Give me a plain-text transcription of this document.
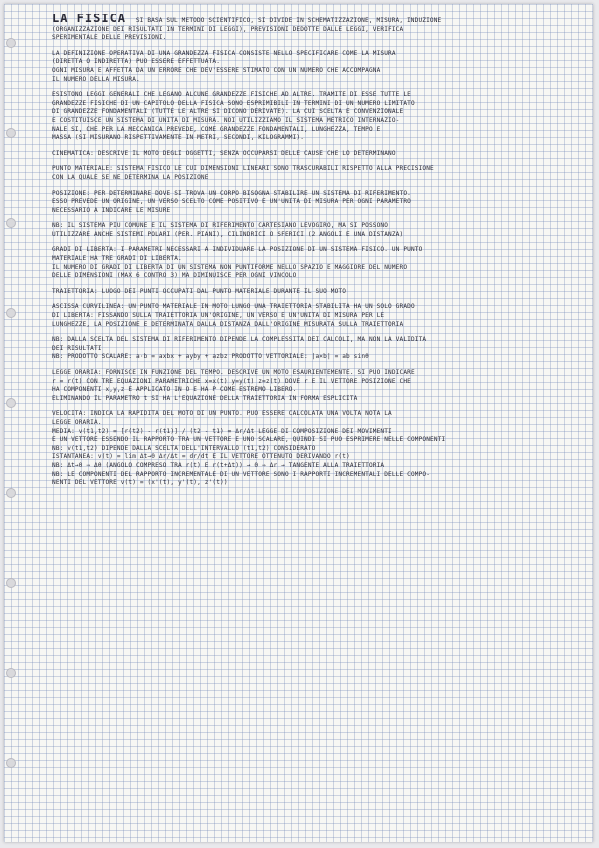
LA FISICA SI BASA SUL METODO SCIENTIFICO, SI DIVIDE IN SCHEMATIZZAZIONE, MISURA, INDUZIONE
(ORGANIZZAZIONE DEI RISULTATI IN TERMINI DI LEGGI), PREVISIONI DEDOTTE DALLE LEGGI, VERIFICA
SPERIMENTALE DELLE PREVISIONI.
LA DEFINIZIONE OPERATIVA DI UNA GRANDEZZA FISICA CONSISTE NELLO SPECIFICARE COME LA MISURA
(DIRETTA O INDIRETTA) PUO ESSERE EFFETTUATA.
OGNI MISURA E AFFETTA DA UN ERRORE CHE DEV'ESSERE STIMATO CON UN NUMERO CHE ACCOMPAGNA
IL NUMERO DELLA MISURA.
ESISTONO LEGGI GENERALI CHE LEGANO ALCUNE GRANDEZZE FISICHE AD ALTRE. TRAMITE DI ESSE TUTTE LE
GRANDEZZE FISICHE DI UN CAPITOLO DELLA FISICA SONO ESPRIMIBILI IN TERMINI DI UN NUMERO LIMITATO
DI GRANDEZZE FONDAMENTALI (TUTTE LE ALTRE SI DICONO DERIVATE). LA CUI SCELTA E CONVENZIONALE
E COSTITUISCE UN SISTEMA DI UNITA DI MISURA. NOI UTILIZZIAMO IL SISTEMA METRICO INTERNAZIO-
NALE SI, CHE PER LA MECCANICA PREVEDE, COME GRANDEZZE FONDAMENTALI, LUNGHEZZA, TEMPO E
MASSA (SI MISURANO RISPETTIVAMENTE IN METRI, SECONDI, KILOGRAMMI).
CINEMATICA: DESCRIVE IL MOTO DEGLI OGGETTI, SENZA OCCUPARSI DELLE CAUSE CHE LO DETERMINANO
PUNTO MATERIALE: SISTEMA FISICO LE CUI DIMENSIONI LINEARI SONO TRASCURABILI RISPETTO ALLA PRECISIONE
CON LA QUALE SE NE DETERMINA LA POSIZIONE
POSIZIONE: PER DETERMINARE DOVE SI TROVA UN CORPO BISOGNA STABILIRE UN SISTEMA DI RIFERIMENTO.
ESSO PREVEDE UN ORIGINE, UN VERSO SCELTO COME POSITIVO E UN'UNITA DI MISURA PER OGNI PARAMETRO
NECESSARIO A INDICARE LE MISURE
NB: IL SISTEMA PIU COMUNE E IL SISTEMA DI RIFERIMENTO CARTESIANO LEVOGIRO, MA SI POSSONO
UTILIZZARE ANCHE SISTEMI POLARI (PER. PIANI), CILINDRICI O SFERICI (2 ANGOLI E UNA DISTANZA)
GRADI DI LIBERTA: I PARAMETRI NECESSARI A INDIVIDUARE LA POSIZIONE DI UN SISTEMA FISICO. UN PUNTO
MATERIALE HA TRE GRADI DI LIBERTA.
IL NUMERO DI GRADI DI LIBERTA DI UN SISTEMA NON PUNTIFORME NELLO SPAZIO E MAGGIORE DEL NUMERO
DELLE DIMENSIONI (MAX 6 CONTRO 3) MA DIMINUISCE PER OGNI VINCOLO
TRAIETTORIA: LUOGO DEI PUNTI OCCUPATI DAL PUNTO MATERIALE DURANTE IL SUO MOTO
ASCISSA CURVILINEA: UN PUNTO MATERIALE IN MOTO LUNGO UNA TRAIETTORIA STABILITA HA UN SOLO GRADO
DI LIBERTA: FISSANDO SULLA TRAIETTORIA UN'ORIGINE, UN VERSO E UN'UNITA DI MISURA PER LE
LUNGHEZZE, LA POSIZIONE E DETERMINATA DALLA DISTANZA DALL'ORIGINE MISURATA SULLA TRAIETTORIA
NB: DALLA SCELTA DEL SISTEMA DI RIFERIMENTO DIPENDE LA COMPLESSITA DEI CALCOLI, MA NON LA VALIDITA
DEI RISULTATI
NB: PRODOTTO SCALARE: a·b = axbx + ayby + azbz PRODOTTO VETTORIALE: |a×b| = ab sinθ
LEGGE ORARIA: FORNISCE IN FUNZIONE DEL TEMPO. DESCRIVE UN MOTO ESAURIENTEMENTE. SI PUO INDICARE
r = r(t) CON TRE EQUAZIONI PARAMETRICHE x=x(t) y=y(t) z=z(t) DOVE r E IL VETTORE POSIZIONE CHE
HA COMPONENTI x,y,z E APPLICATO IN O E HA P COME ESTREMO LIBERO.
ELIMINANDO IL PARAMETRO t SI HA L'EQUAZIONE DELLA TRAIETTORIA IN FORMA ESPLICITA
VELOCITA: INDICA LA RAPIDITA DEL MOTO DI UN PUNTO. PUO ESSERE CALCOLATA UNA VOLTA NOTA LA
LEGGE ORARIA.
MEDIA: v(t1,t2) = [r(t2) - r(t1)] / (t2 - t1) = Δr/Δt LEGGE DI COMPOSIZIONE DEI MOVIMENTI
E UN VETTORE ESSENDO IL RAPPORTO TRA UN VETTORE E UNO SCALARE, QUINDI SI PUO ESPRIMERE NELLE COMPONENTI
NB: v(t1,t2) DIPENDE DALLA SCELTA DELL'INTERVALLO (t1,t2) CONSIDERATO
ISTANTANEA: v(t) = lim Δt→0 Δr/Δt = dr/dt E IL VETTORE OTTENUTO DERIVANDO r(t)
NB: Δt→0 ⇒ Δθ (ANGOLO COMPRESO TRA r(t) E r(t+Δt)) → 0 ⇒ Δr → TANGENTE ALLA TRAIETTORIA
NB: LE COMPONENTI DEL RAPPORTO INCREMENTALE DI UN VETTORE SONO I RAPPORTI INCREMENTALI DELLE COMPO-
NENTI DEL VETTORE v(t) = (x'(t), y'(t), z'(t))
